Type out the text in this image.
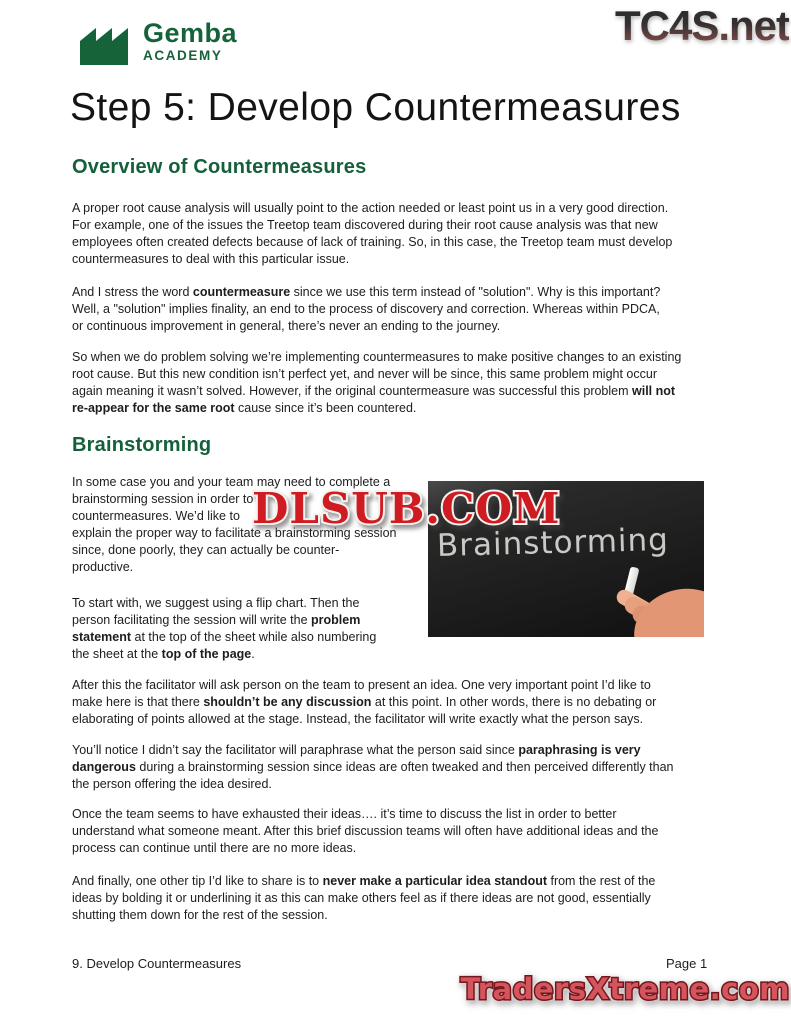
Gemba
ACADEMY
TC4S.net
Step 5: Develop Countermeasures
Overview of Countermeasures
A proper root cause analysis will usually point to the action needed or least point us in a very good direction.
For example, one of the issues the Treetop team discovered during their root cause analysis was that new
employees often created defects because of lack of training. So, in this case, the Treetop team must develop
countermeasures to deal with this particular issue.
And I stress the word countermeasure since we use this term instead of "solution". Why is this important?
Well, a "solution" implies finality, an end to the process of discovery and correction. Whereas within PDCA,
or continuous improvement in general, there’s never an ending to the journey.
So when we do problem solving we’re implementing countermeasures to make positive changes to an existing
root cause. But this new condition isn’t perfect yet, and never will be since, this same problem might occur
again meaning it wasn’t solved. However, if the original countermeasure was successful this problem will not
re-appear for the same root cause since it’s been countered.
Brainstorming
In some case you and your team may need to complete a
brainstorming session in order to
countermeasures. We’d like to
explain the proper way to facilitate a brainstorming session
since, done poorly, they can actually be counter-
productive.
To start with, we suggest using a flip chart. Then the
person facilitating the session will write the problem
statement at the top of the sheet while also numbering
the sheet at the top of the page.
Brainstorming
DLSUB.COM
After this the facilitator will ask person on the team to present an idea. One very important point I’d like to
make here is that there shouldn’t be any discussion at this point. In other words, there is no debating or
elaborating of points allowed at the stage. Instead, the facilitator will write exactly what the person says.
You’ll notice I didn’t say the facilitator will paraphrase what the person said since paraphrasing is very
dangerous during a brainstorming session since ideas are often tweaked and then perceived differently than
the person offering the idea desired.
Once the team seems to have exhausted their ideas…. it’s time to discuss the list in order to better
understand what someone meant. After this brief discussion teams will often have additional ideas and the
process can continue until there are no more ideas.
And finally, one other tip I’d like to share is to never make a particular idea standout from the rest of the
ideas by bolding it or underlining it as this can make others feel as if there ideas are not good, essentially
shutting them down for the rest of the session.
9. Develop Countermeasures	Page 1
TradersXtreme.com
